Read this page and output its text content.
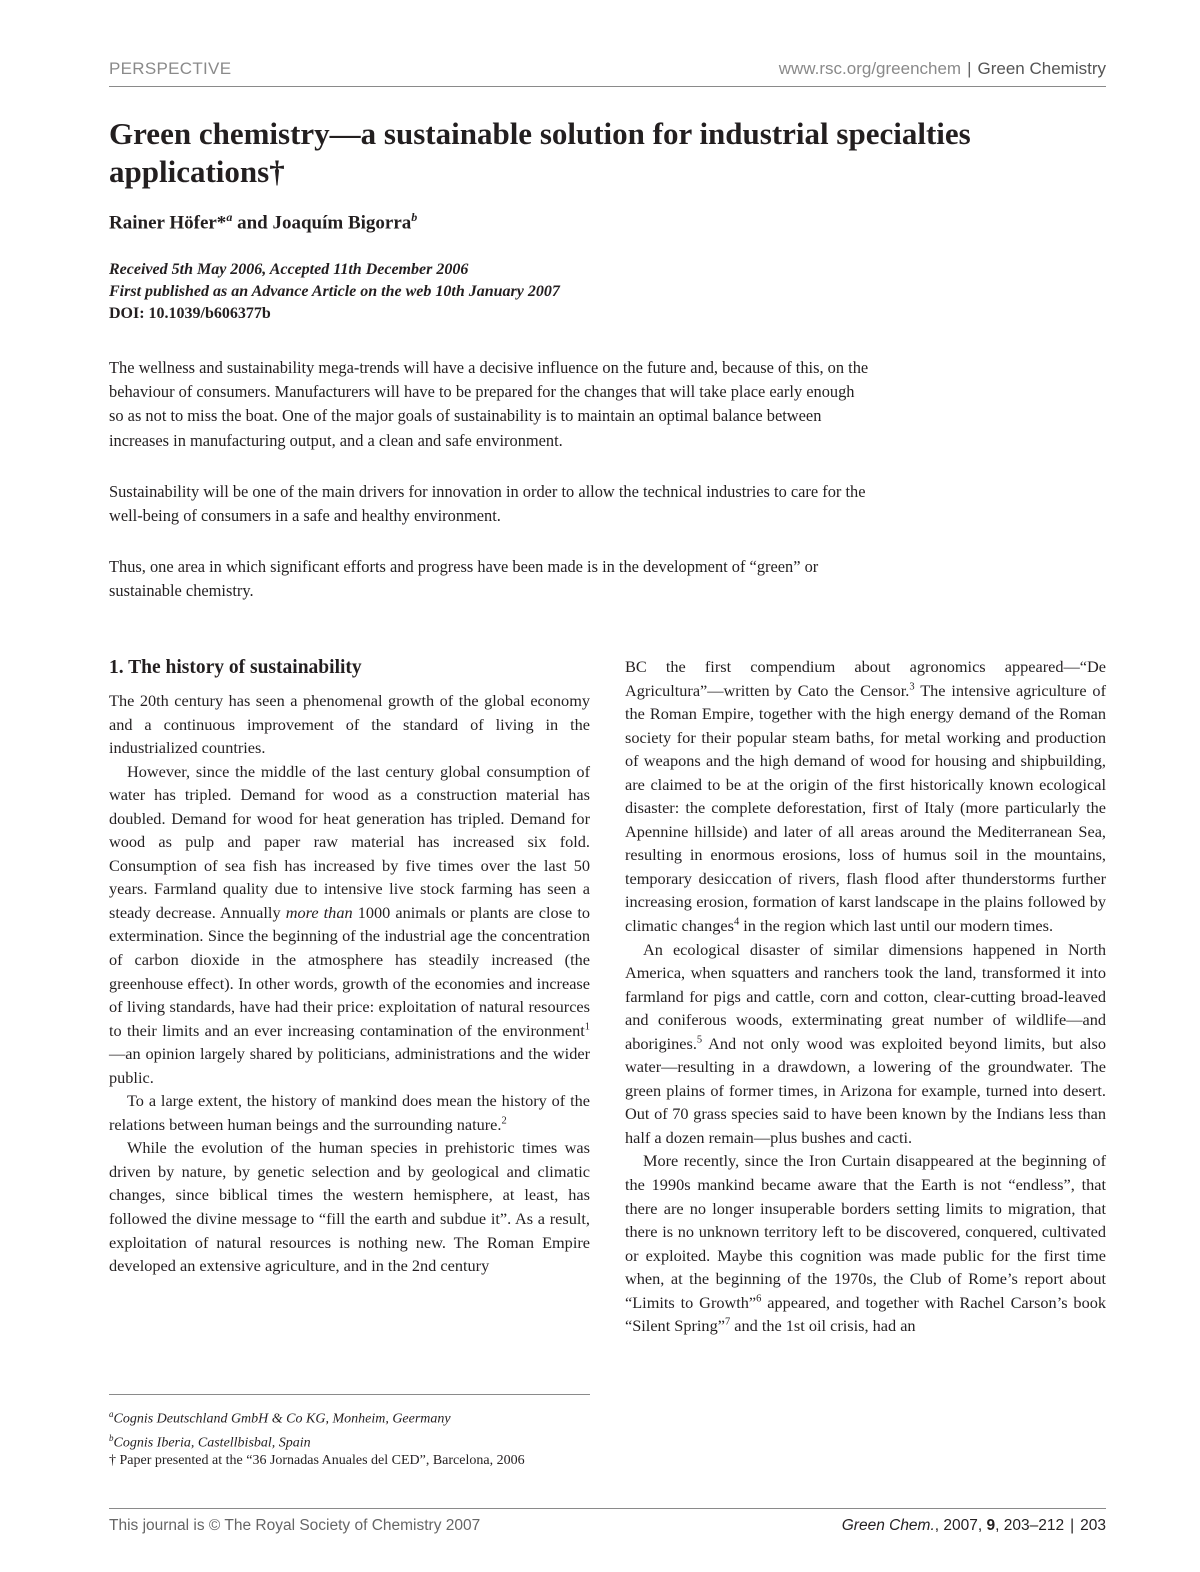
PERSPECTIVE	www.rsc.org/greenchem | Green Chemistry
Green chemistry—a sustainable solution for industrial specialties applications†
Rainer Höfer*$^a$ and Joaquím Bigorra$^b$
Received 5th May 2006, Accepted 11th December 2006
First published as an Advance Article on the web 10th January 2007
DOI: 10.1039/b606377b

The wellness and sustainability mega-trends will have a decisive influence on the future and, because of this, on the behaviour of consumers. Manufacturers will have to be prepared for the changes that will take place early enough so as not to miss the boat. One of the major goals of sustainability is to maintain an optimal balance between increases in manufacturing output, and a clean and safe environment.

Sustainability will be one of the main drivers for innovation in order to allow the technical industries to care for the well-being of consumers in a safe and healthy environment.

Thus, one area in which significant efforts and progress have been made is in the development of “green” or sustainable chemistry.

1. The history of sustainability

The 20th century has seen a phenomenal growth of the global economy and a continuous improvement of the standard of living in the industrialized countries.

However, since the middle of the last century global consumption of water has tripled. Demand for wood as a construction material has doubled. Demand for wood for heat generation has tripled. Demand for wood as pulp and paper raw material has increased six fold. Consumption of sea fish has increased by five times over the last 50 years. Farmland quality due to intensive live stock farming has seen a steady decrease. Annually more than 1000 animals or plants are close to extermination. Since the beginning of the industrial age the concentration of carbon dioxide in the atmosphere has steadily increased (the greenhouse effect). In other words, growth of the economies and increase of living standards, have had their price: exploitation of natural resources to their limits and an ever increasing contamination of the environment$^1$—an opinion largely shared by politicians, administrations and the wider public.

To a large extent, the history of mankind does mean the history of the relations between human beings and the surrounding nature.$^2$

While the evolution of the human species in prehistoric times was driven by nature, by genetic selection and by geological and climatic changes, since biblical times the western hemisphere, at least, has followed the divine message to “fill the earth and subdue it”. As a result, exploitation of natural resources is nothing new. The Roman Empire developed an extensive agriculture, and in the 2nd century

BC the first compendium about agronomics appeared—“De Agricultura”—written by Cato the Censor.$^3$ The intensive agriculture of the Roman Empire, together with the high energy demand of the Roman society for their popular steam baths, for metal working and production of weapons and the high demand of wood for housing and shipbuilding, are claimed to be at the origin of the first historically known ecological disaster: the complete deforestation, first of Italy (more particularly the Apennine hillside) and later of all areas around the Mediterranean Sea, resulting in enormous erosions, loss of humus soil in the mountains, temporary desiccation of rivers, flash flood after thunderstorms further increasing erosion, formation of karst landscape in the plains followed by climatic changes$^4$ in the region which last until our modern times.

An ecological disaster of similar dimensions happened in North America, when squatters and ranchers took the land, transformed it into farmland for pigs and cattle, corn and cotton, clear-cutting broad-leaved and coniferous woods, exterminating great number of wildlife—and aborigines.$^5$ And not only wood was exploited beyond limits, but also water—resulting in a drawdown, a lowering of the groundwater. The green plains of former times, in Arizona for example, turned into desert. Out of 70 grass species said to have been known by the Indians less than half a dozen remain—plus bushes and cacti.

More recently, since the Iron Curtain disappeared at the beginning of the 1990s mankind became aware that the Earth is not “endless”, that there are no longer insuperable borders setting limits to migration, that there is no unknown territory left to be discovered, conquered, cultivated or exploited. Maybe this cognition was made public for the first time when, at the beginning of the 1970s, the Club of Rome’s report about “Limits to Growth”$^6$ appeared, and together with Rachel Carson’s book “Silent Spring”$^7$ and the 1st oil crisis, had an

$^a$Cognis Deutschland GmbH & Co KG, Monheim, Geermany
$^b$Cognis Iberia, Castellbisbal, Spain
† Paper presented at the “36 Jornadas Anuales del CED”, Barcelona, 2006
This journal is © The Royal Society of Chemistry 2007	Green Chem., 2007, 9, 203–212 | 203
